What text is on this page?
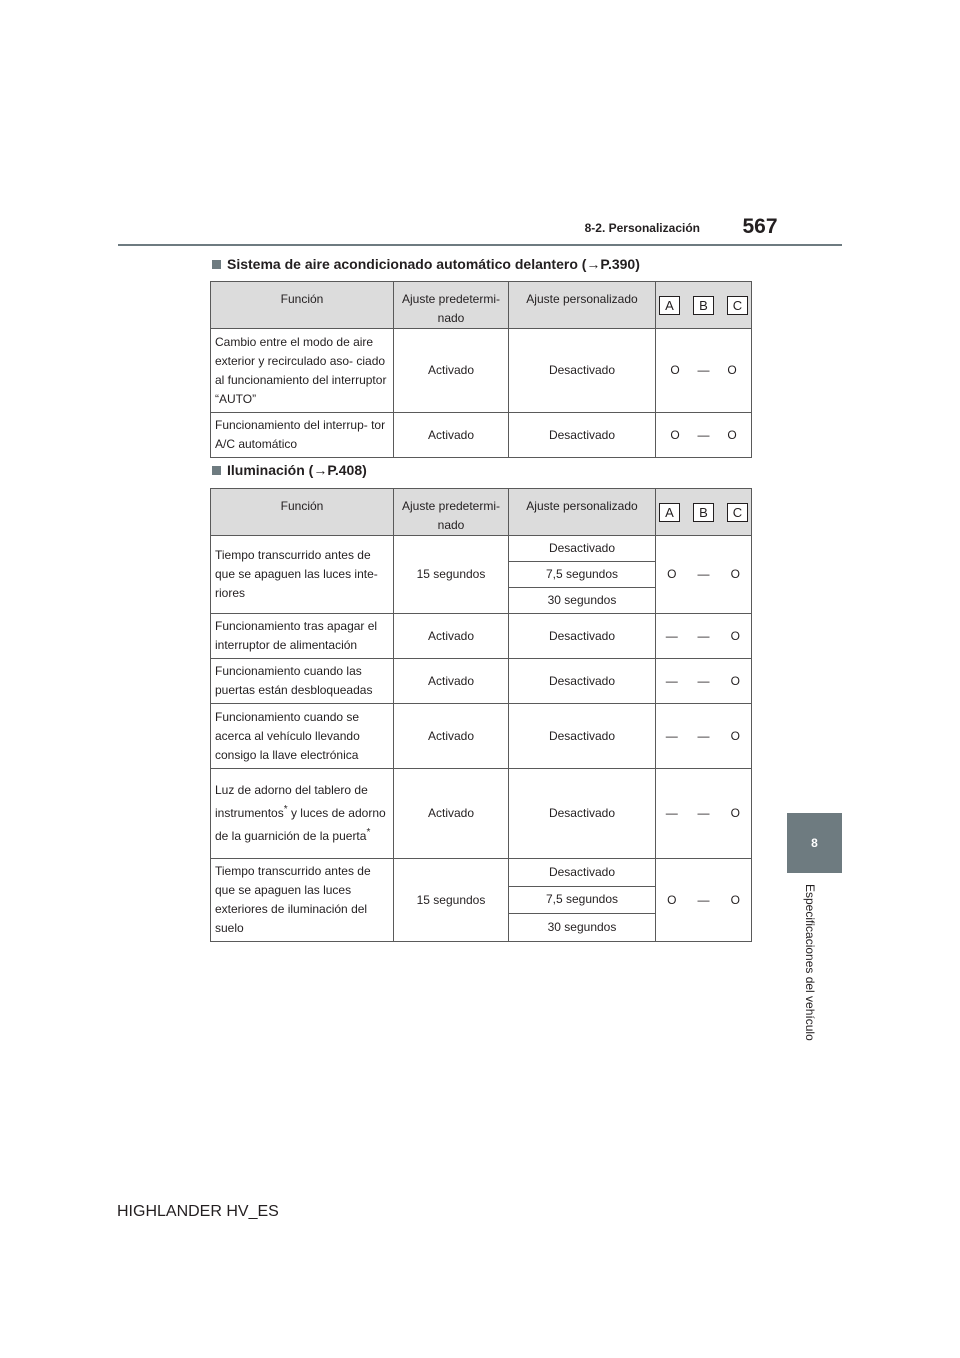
8-2. Personalización	567
8
Especificaciones del vehículo
Sistema de aire acondicionado automático delantero (→P.390)
Función	Ajuste predetermi- nado	Ajuste personalizado	A B C

Cambio entre el modo de aire exterior y recirculado aso- ciado al funcionamiento del interruptor “AUTO”	Activado	Desactivado	O — O

Funcionamiento del interrup- tor A/C automático	Activado	Desactivado	O — O
Iluminación (→P.408)
Función	Ajuste predetermi- nado	Ajuste personalizado	A B C		

Tiempo transcurrido antes de que se apaguen las luces inte- riores	15 segundos	Desactivado	O	—	O
		7,5 segundos			
		30 segundos			
Funcionamiento tras apagar el interruptor de alimentación	Activado	Desactivado	—	—	O
Funcionamiento cuando las puertas están desbloqueadas	Activado	Desactivado	—	—	O
Funcionamiento cuando se acerca al vehículo llevando consigo la llave electrónica	Activado	Desactivado	—	—	O
Luz de adorno del tablero de instrumentos* y luces de adorno de la guarnición de la puerta*	Activado	Desactivado	—	—	O
Tiempo transcurrido antes de que se apaguen las luces exteriores de iluminación del suelo	15 segundos	Desactivado	O	—	O
		7,5 segundos			
		30 segundos			
HIGHLANDER HV_ES
